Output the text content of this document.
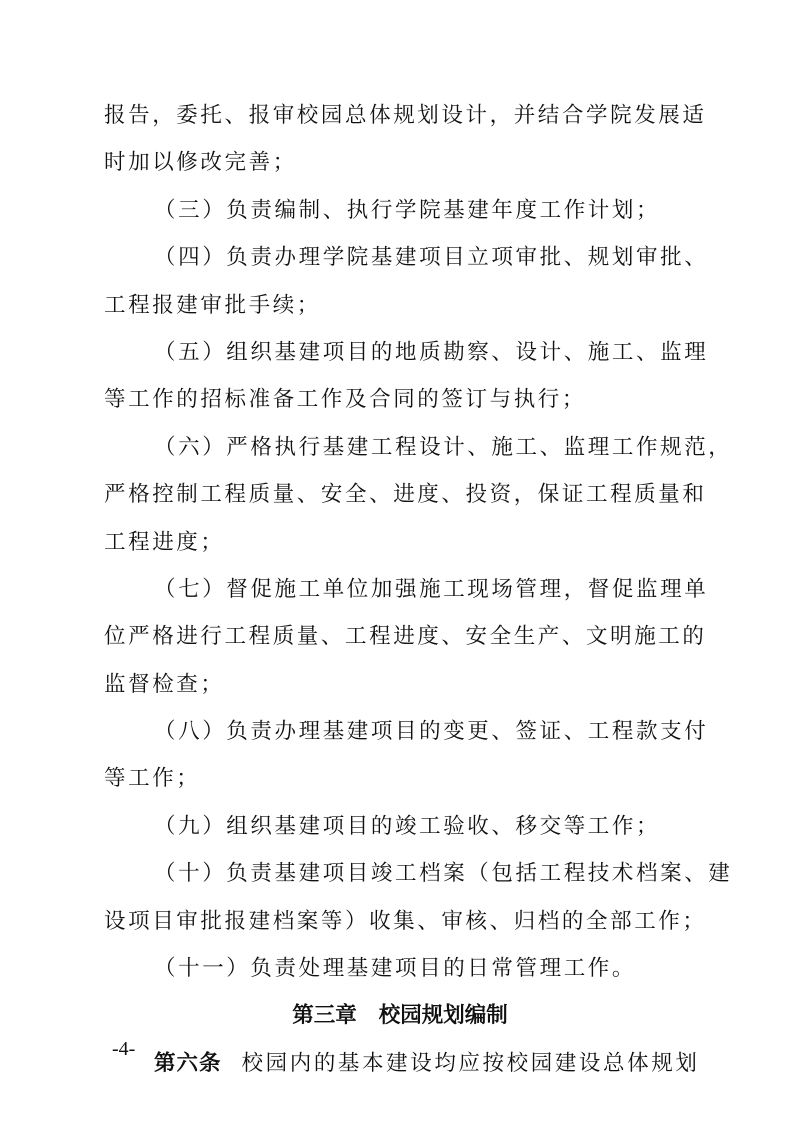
报告，委托、报审校园总体规划设计，并结合学院发展适
时加以修改完善；
（三）负责编制、执行学院基建年度工作计划；
（四）负责办理学院基建项目立项审批、规划审批、
工程报建审批手续；
（五）组织基建项目的地质勘察、设计、施工、监理
等工作的招标准备工作及合同的签订与执行；
（六）严格执行基建工程设计、施工、监理工作规范，
严格控制工程质量、安全、进度、投资，保证工程质量和
工程进度；
（七）督促施工单位加强施工现场管理，督促监理单
位严格进行工程质量、工程进度、安全生产、文明施工的
监督检查；
（八）负责办理基建项目的变更、签证、工程款支付
等工作；
（九）组织基建项目的竣工验收、移交等工作；
（十）负责基建项目竣工档案（包括工程技术档案、建
设项目审批报建档案等）收集、审核、归档的全部工作；
（十一）负责处理基建项目的日常管理工作。
第三章 校园规划编制
第六条 校园内的基本建设均应按校园建设总体规划
-4-
